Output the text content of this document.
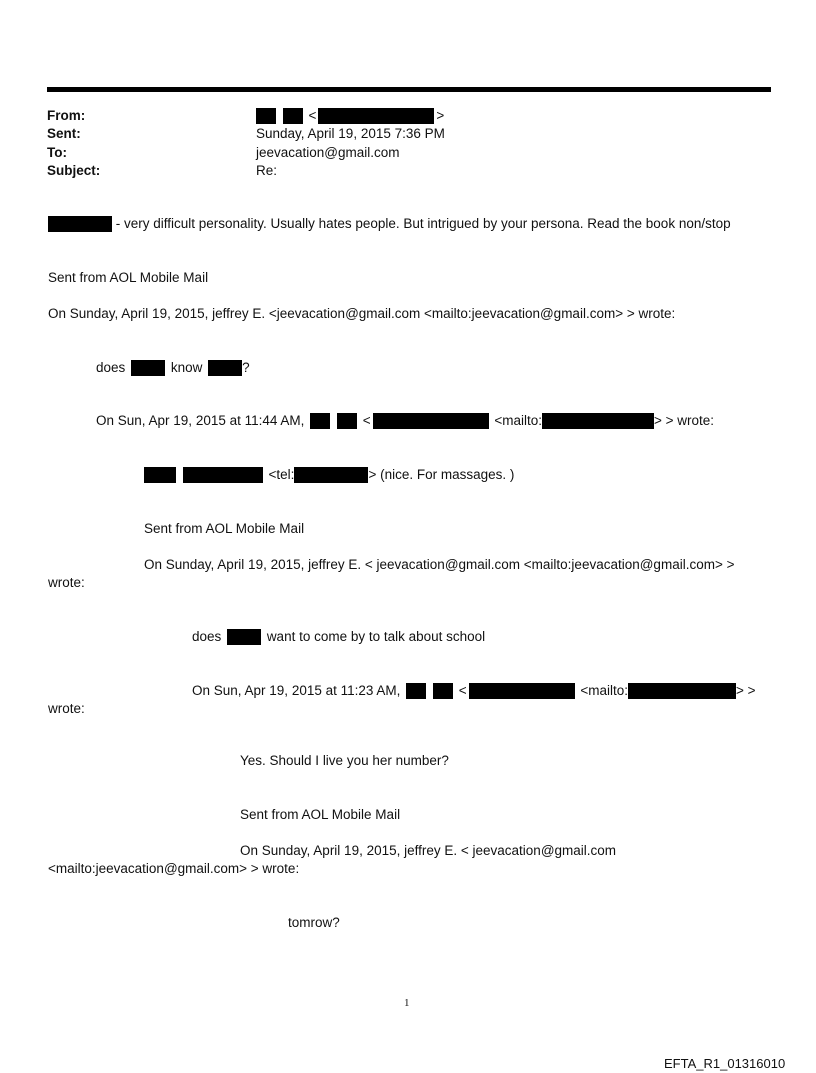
From:	<	>
Sent:	Sunday, April 19, 2015 7:36 PM
To:	jeevacation@gmail.com
Subject:	Re:
- very difficult personality. Usually hates people. But intrigued by your persona. Read the book non/stop
Sent from AOL Mobile Mail
On Sunday, April 19, 2015, jeffrey E. <jeevacation@gmail.com <mailto:jeevacation@gmail.com> > wrote:
does	know	?
On Sun, Apr 19, 2015 at 11:44 AM,	<	<mailto:	> > wrote:
<tel:	> (nice. For massages. )
Sent from AOL Mobile Mail
On Sunday, April 19, 2015, jeffrey E. < jeevacation@gmail.com <mailto:jeevacation@gmail.com> >
wrote:
does	want to come by to talk about school
On Sun, Apr 19, 2015 at 11:23 AM,	<	<mailto:	> >
wrote:
Yes. Should I live you her number?
Sent from AOL Mobile Mail
On Sunday, April 19, 2015, jeffrey E. < jeevacation@gmail.com
<mailto:jeevacation@gmail.com> > wrote:
tomrow?
1
EFTA_R1_01316010
